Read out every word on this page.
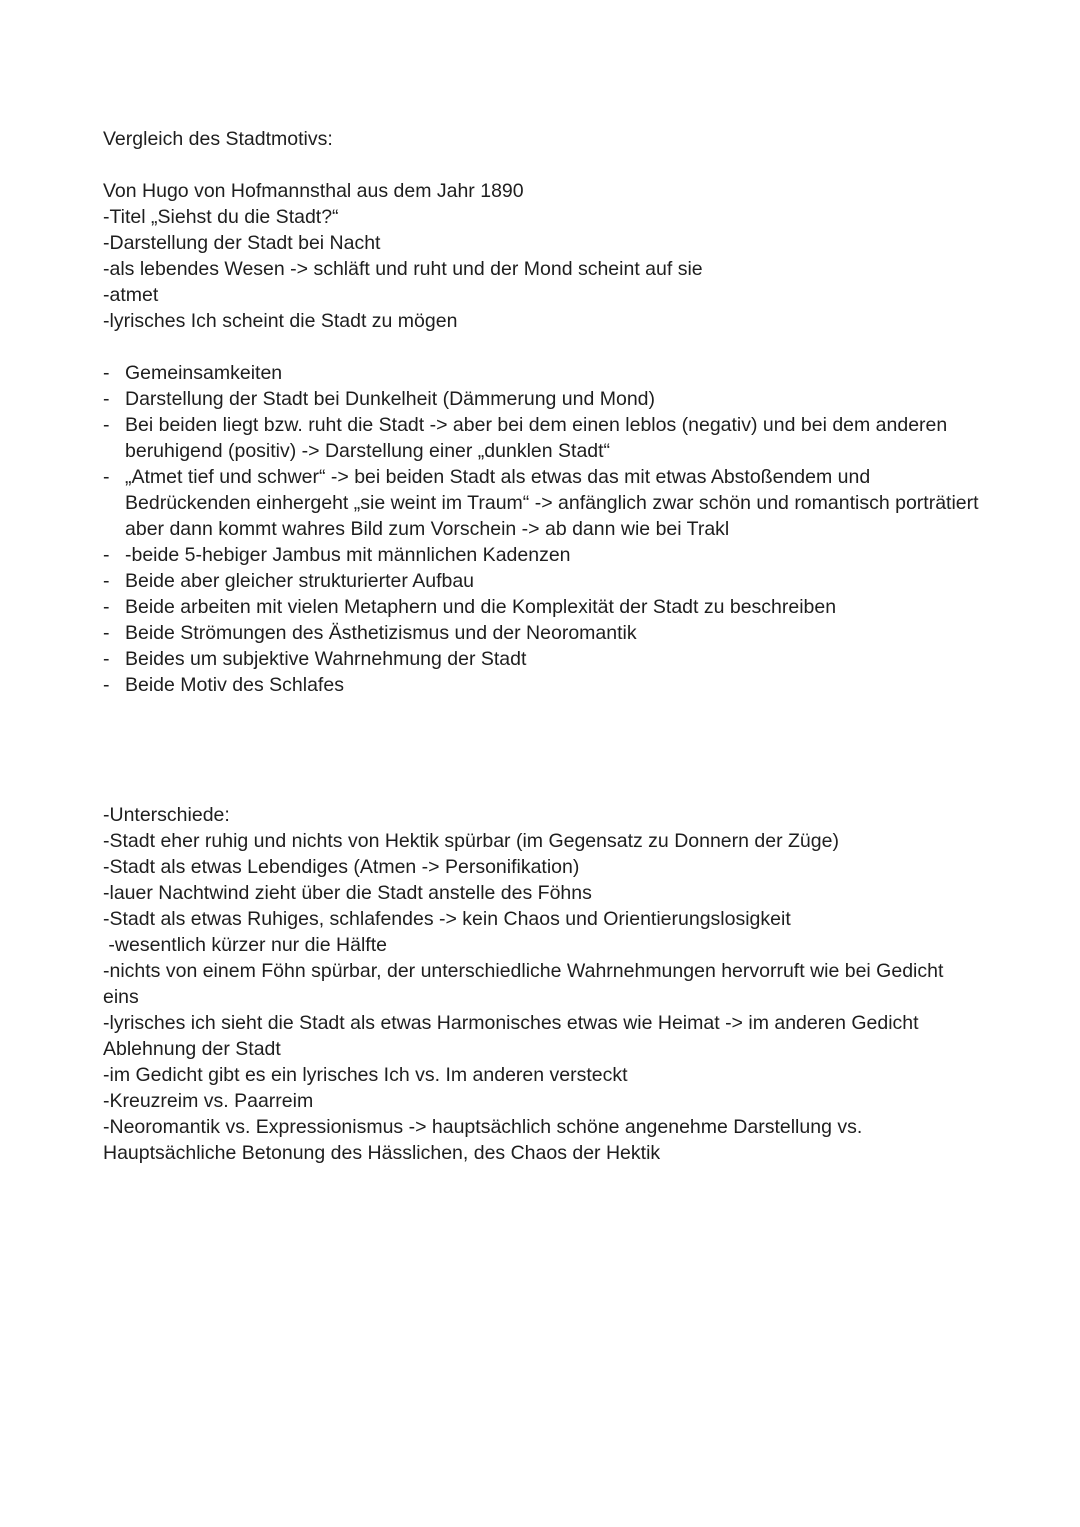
Vergleich des Stadtmotivs:

Von Hugo von Hofmannsthal aus dem Jahr 1890

-Titel „Siehst du die Stadt?“

-Darstellung der Stadt bei Nacht

-als lebendes Wesen -> schläft und ruht und der Mond scheint auf sie

-atmet

-lyrisches Ich scheint die Stadt zu mögen

- Gemeinsamkeiten
- Darstellung der Stadt bei Dunkelheit (Dämmerung und Mond)
- Bei beiden liegt bzw. ruht die Stadt -> aber bei dem einen leblos (negativ) und bei dem anderen beruhigend (positiv) -> Darstellung einer „dunklen Stadt“
- „Atmet tief und schwer“ -> bei beiden Stadt als etwas das mit etwas Abstoßendem und Bedrückenden einhergeht „sie weint im Traum“ -> anfänglich zwar schön und romantisch porträtiert aber dann kommt wahres Bild zum Vorschein -> ab dann wie bei Trakl
- -beide 5-hebiger Jambus mit männlichen Kadenzen
- Beide aber gleicher strukturierter Aufbau
- Beide arbeiten mit vielen Metaphern und die Komplexität der Stadt zu beschreiben
- Beide Strömungen des Ästhetizismus und der Neoromantik
- Beides um subjektive Wahrnehmung der Stadt
- Beide Motiv des Schlafes

-Unterschiede:

-Stadt eher ruhig und nichts von Hektik spürbar (im Gegensatz zu Donnern der Züge)

-Stadt als etwas Lebendiges (Atmen -> Personifikation)

-lauer Nachtwind zieht über die Stadt anstelle des Föhns

-Stadt als etwas Ruhiges, schlafendes -> kein Chaos und Orientierungslosigkeit

-wesentlich kürzer nur die Hälfte

-nichts von einem Föhn spürbar, der unterschiedliche Wahrnehmungen hervorruft wie bei Gedicht eins

-lyrisches ich sieht die Stadt als etwas Harmonisches etwas wie Heimat -> im anderen Gedicht Ablehnung der Stadt

-im Gedicht gibt es ein lyrisches Ich vs. Im anderen versteckt

-Kreuzreim vs. Paarreim

-Neoromantik vs. Expressionismus -> hauptsächlich schöne angenehme Darstellung vs. Hauptsächliche Betonung des Hässlichen, des Chaos der Hektik
